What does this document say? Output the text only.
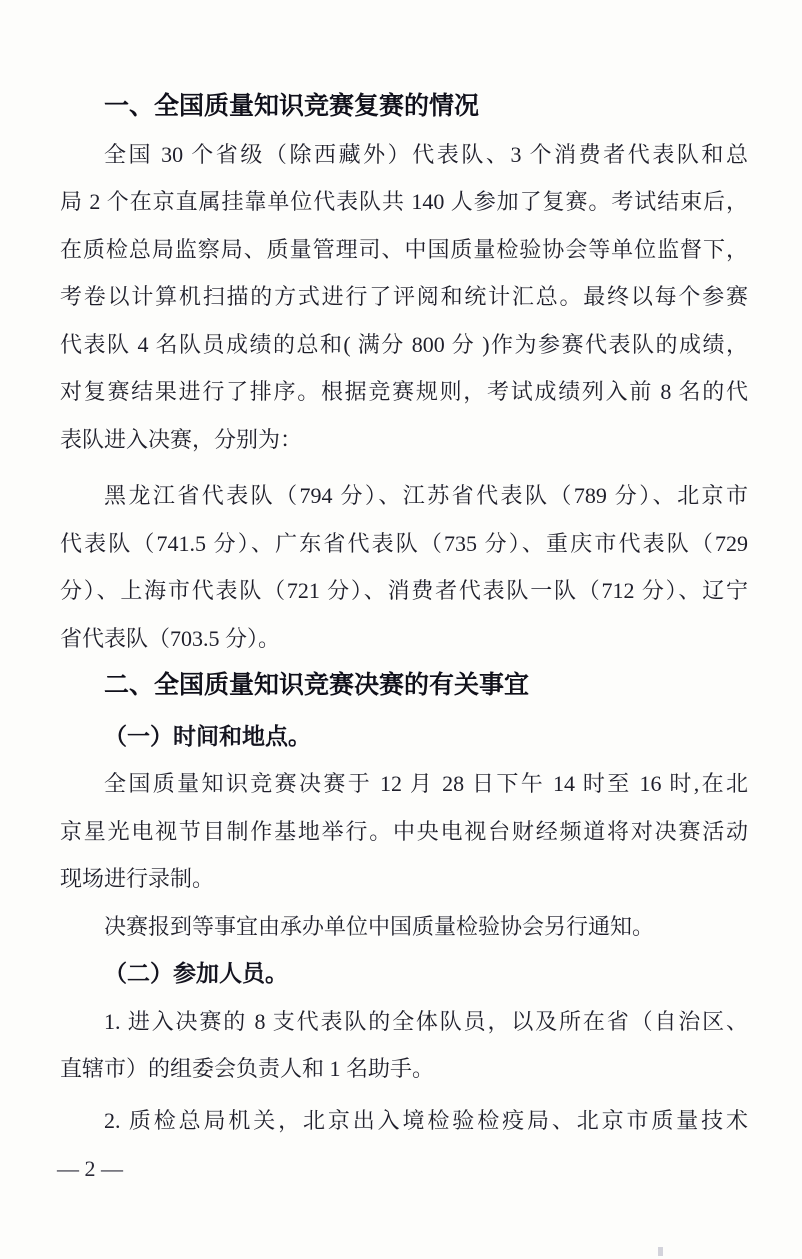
一、全国质量知识竞赛复赛的情况
全国 30 个省级（除西藏外）代表队、3 个消费者代表队和总
局 2 个在京直属挂靠单位代表队共 140 人参加了复赛。考试结束后，
在质检总局监察局、质量管理司、中国质量检验协会等单位监督下，
考卷以计算机扫描的方式进行了评阅和统计汇总。最终以每个参赛
代表队 4 名队员成绩的总和( 满分 800 分 )作为参赛代表队的成绩，
对复赛结果进行了排序。根据竞赛规则，考试成绩列入前 8 名的代
表队进入决赛，分别为：
黑龙江省代表队（794 分）、江苏省代表队（789 分）、北京市
代表队（741.5 分）、广东省代表队（735 分）、重庆市代表队（729
分）、上海市代表队（721 分）、消费者代表队一队（712 分）、辽宁
省代表队（703.5 分）。
二、全国质量知识竞赛决赛的有关事宜
（一）时间和地点。
全国质量知识竞赛决赛于 12 月 28 日下午 14 时至 16 时,在北
京星光电视节目制作基地举行。中央电视台财经频道将对决赛活动
现场进行录制。
决赛报到等事宜由承办单位中国质量检验协会另行通知。
（二）参加人员。
1. 进入决赛的 8 支代表队的全体队员，以及所在省（自治区、
直辖市）的组委会负责人和 1 名助手。
2. 质检总局机关，北京出入境检验检疫局、北京市质量技术
— 2 —
